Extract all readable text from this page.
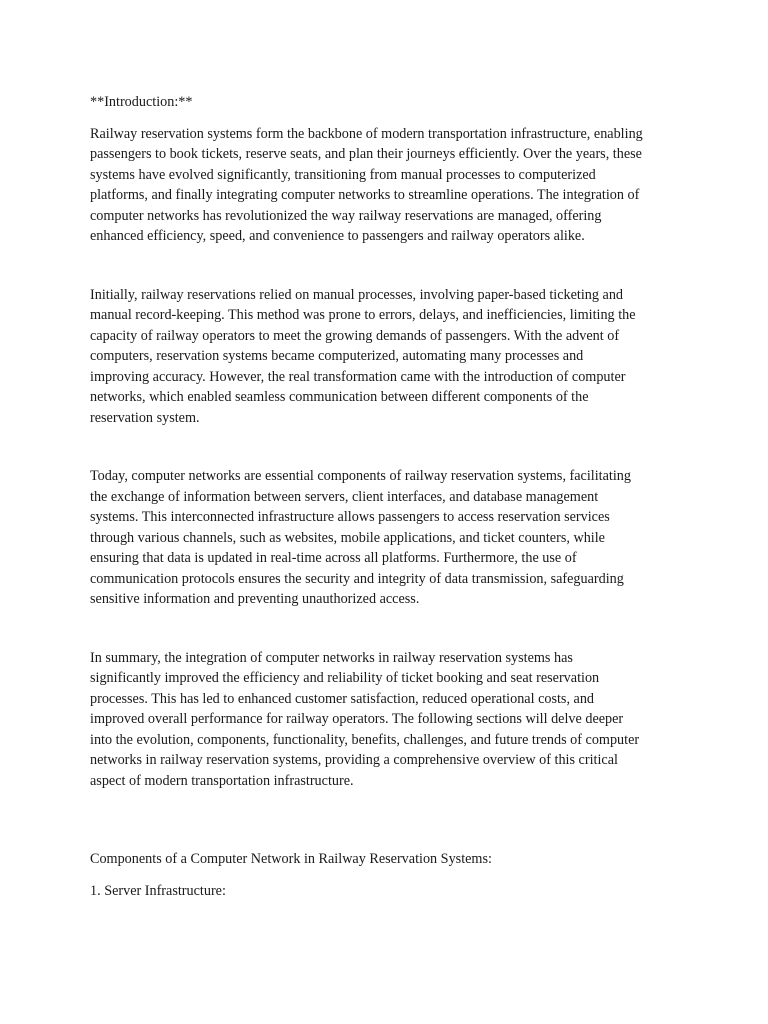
**Introduction:**

Railway reservation systems form the backbone of modern transportation infrastructure, enabling

passengers to book tickets, reserve seats, and plan their journeys efficiently. Over the years, these

systems have evolved significantly, transitioning from manual processes to computerized

platforms, and finally integrating computer networks to streamline operations. The integration of

computer networks has revolutionized the way railway reservations are managed, offering

enhanced efficiency, speed, and convenience to passengers and railway operators alike.

Initially, railway reservations relied on manual processes, involving paper-based ticketing and

manual record-keeping. This method was prone to errors, delays, and inefficiencies, limiting the

capacity of railway operators to meet the growing demands of passengers. With the advent of

computers, reservation systems became computerized, automating many processes and

improving accuracy. However, the real transformation came with the introduction of computer

networks, which enabled seamless communication between different components of the

reservation system.

Today, computer networks are essential components of railway reservation systems, facilitating

the exchange of information between servers, client interfaces, and database management

systems. This interconnected infrastructure allows passengers to access reservation services

through various channels, such as websites, mobile applications, and ticket counters, while

ensuring that data is updated in real-time across all platforms. Furthermore, the use of

communication protocols ensures the security and integrity of data transmission, safeguarding

sensitive information and preventing unauthorized access.

In summary, the integration of computer networks in railway reservation systems has

significantly improved the efficiency and reliability of ticket booking and seat reservation

processes. This has led to enhanced customer satisfaction, reduced operational costs, and

improved overall performance for railway operators. The following sections will delve deeper

into the evolution, components, functionality, benefits, challenges, and future trends of computer

networks in railway reservation systems, providing a comprehensive overview of this critical

aspect of modern transportation infrastructure.

Components of a Computer Network in Railway Reservation Systems:

1. Server Infrastructure:
